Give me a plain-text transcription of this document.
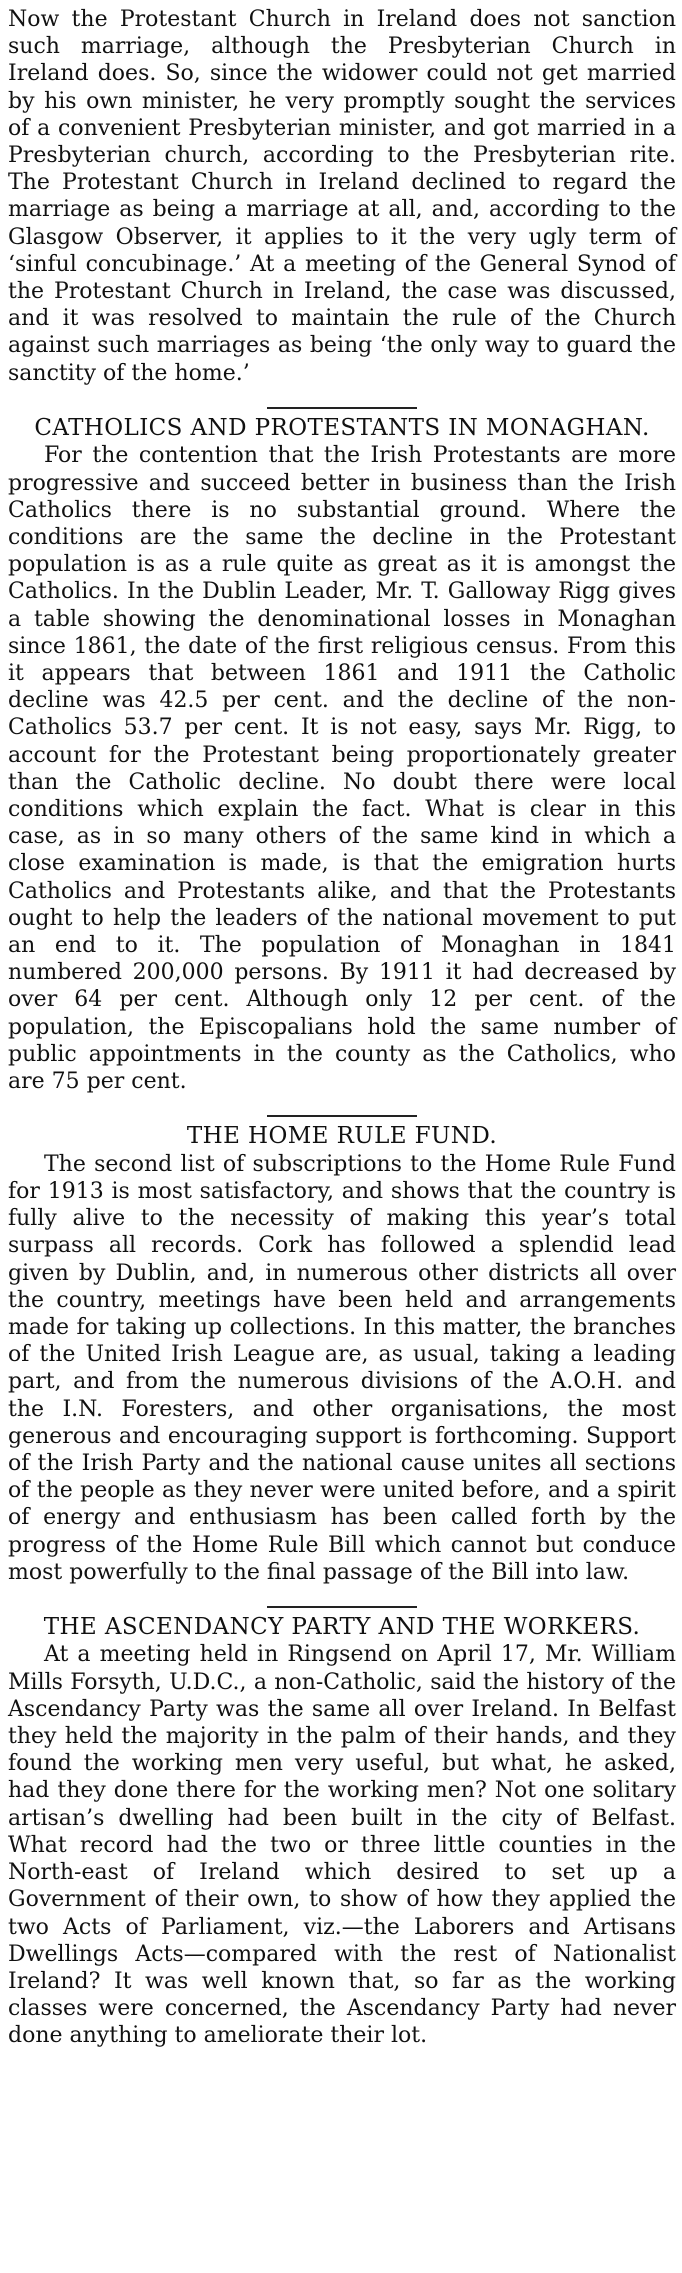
Now the Protestant Church in Ireland does not sanction such marriage, although the Presbyterian Church in Ireland does. So, since the widower could not get married by his own minister, he very promptly sought the services of a convenient Presbyterian minister, and got married in a Presbyterian church, according to the Presbyterian rite. The Protestant Church in Ireland declined to regard the marriage as being a marriage at all, and, according to the Glasgow Observer, it applies to it the very ugly term of ‘sinful concubinage.’ At a meeting of the General Synod of the Protestant Church in Ireland, the case was discussed, and it was resolved to maintain the rule of the Church against such marriages as being ‘the only way to guard the sanctity of the home.’

CATHOLICS AND PROTESTANTS IN MONAGHAN.

For the contention that the Irish Protestants are more progressive and succeed better in business than the Irish Catholics there is no substantial ground. Where the conditions are the same the decline in the Protestant population is as a rule quite as great as it is amongst the Catholics. In the Dublin Leader, Mr. T. Galloway Rigg gives a table showing the denominational losses in Monaghan since 1861, the date of the first religious census. From this it appears that between 1861 and 1911 the Catholic decline was 42.5 per cent. and the decline of the non-Catholics 53.7 per cent. It is not easy, says Mr. Rigg, to account for the Protestant being proportionately greater than the Catholic decline. No doubt there were local conditions which explain the fact. What is clear in this case, as in so many others of the same kind in which a close examination is made, is that the emigration hurts Catholics and Protestants alike, and that the Protestants ought to help the leaders of the national movement to put an end to it. The population of Monaghan in 1841 numbered 200,000 persons. By 1911 it had decreased by over 64 per cent. Although only 12 per cent. of the population, the Episcopalians hold the same number of public appointments in the county as the Catholics, who are 75 per cent.

THE HOME RULE FUND.

The second list of subscriptions to the Home Rule Fund for 1913 is most satisfactory, and shows that the country is fully alive to the necessity of making this year’s total surpass all records. Cork has followed a splendid lead given by Dublin, and, in numerous other districts all over the country, meetings have been held and arrangements made for taking up collections. In this matter, the branches of the United Irish League are, as usual, taking a leading part, and from the numerous divisions of the A.O.H. and the I.N. Foresters, and other organisations, the most generous and encouraging support is forthcoming. Support of the Irish Party and the national cause unites all sections of the people as they never were united before, and a spirit of energy and enthusiasm has been called forth by the progress of the Home Rule Bill which cannot but conduce most powerfully to the final passage of the Bill into law.

THE ASCENDANCY PARTY AND THE WORKERS.

At a meeting held in Ringsend on April 17, Mr. William Mills Forsyth, U.D.C., a non-Catholic, said the history of the Ascendancy Party was the same all over Ireland. In Belfast they held the majority in the palm of their hands, and they found the working men very useful, but what, he asked, had they done there for the working men? Not one solitary artisan’s dwelling had been built in the city of Belfast. What record had the two or three little counties in the North-east of Ireland which desired to set up a Government of their own, to show of how they applied the two Acts of Parliament, viz.—the Laborers and Artisans Dwellings Acts—compared with the rest of Nationalist Ireland? It was well known that, so far as the working classes were concerned, the Ascendancy Party had never done anything to ameliorate their lot.
